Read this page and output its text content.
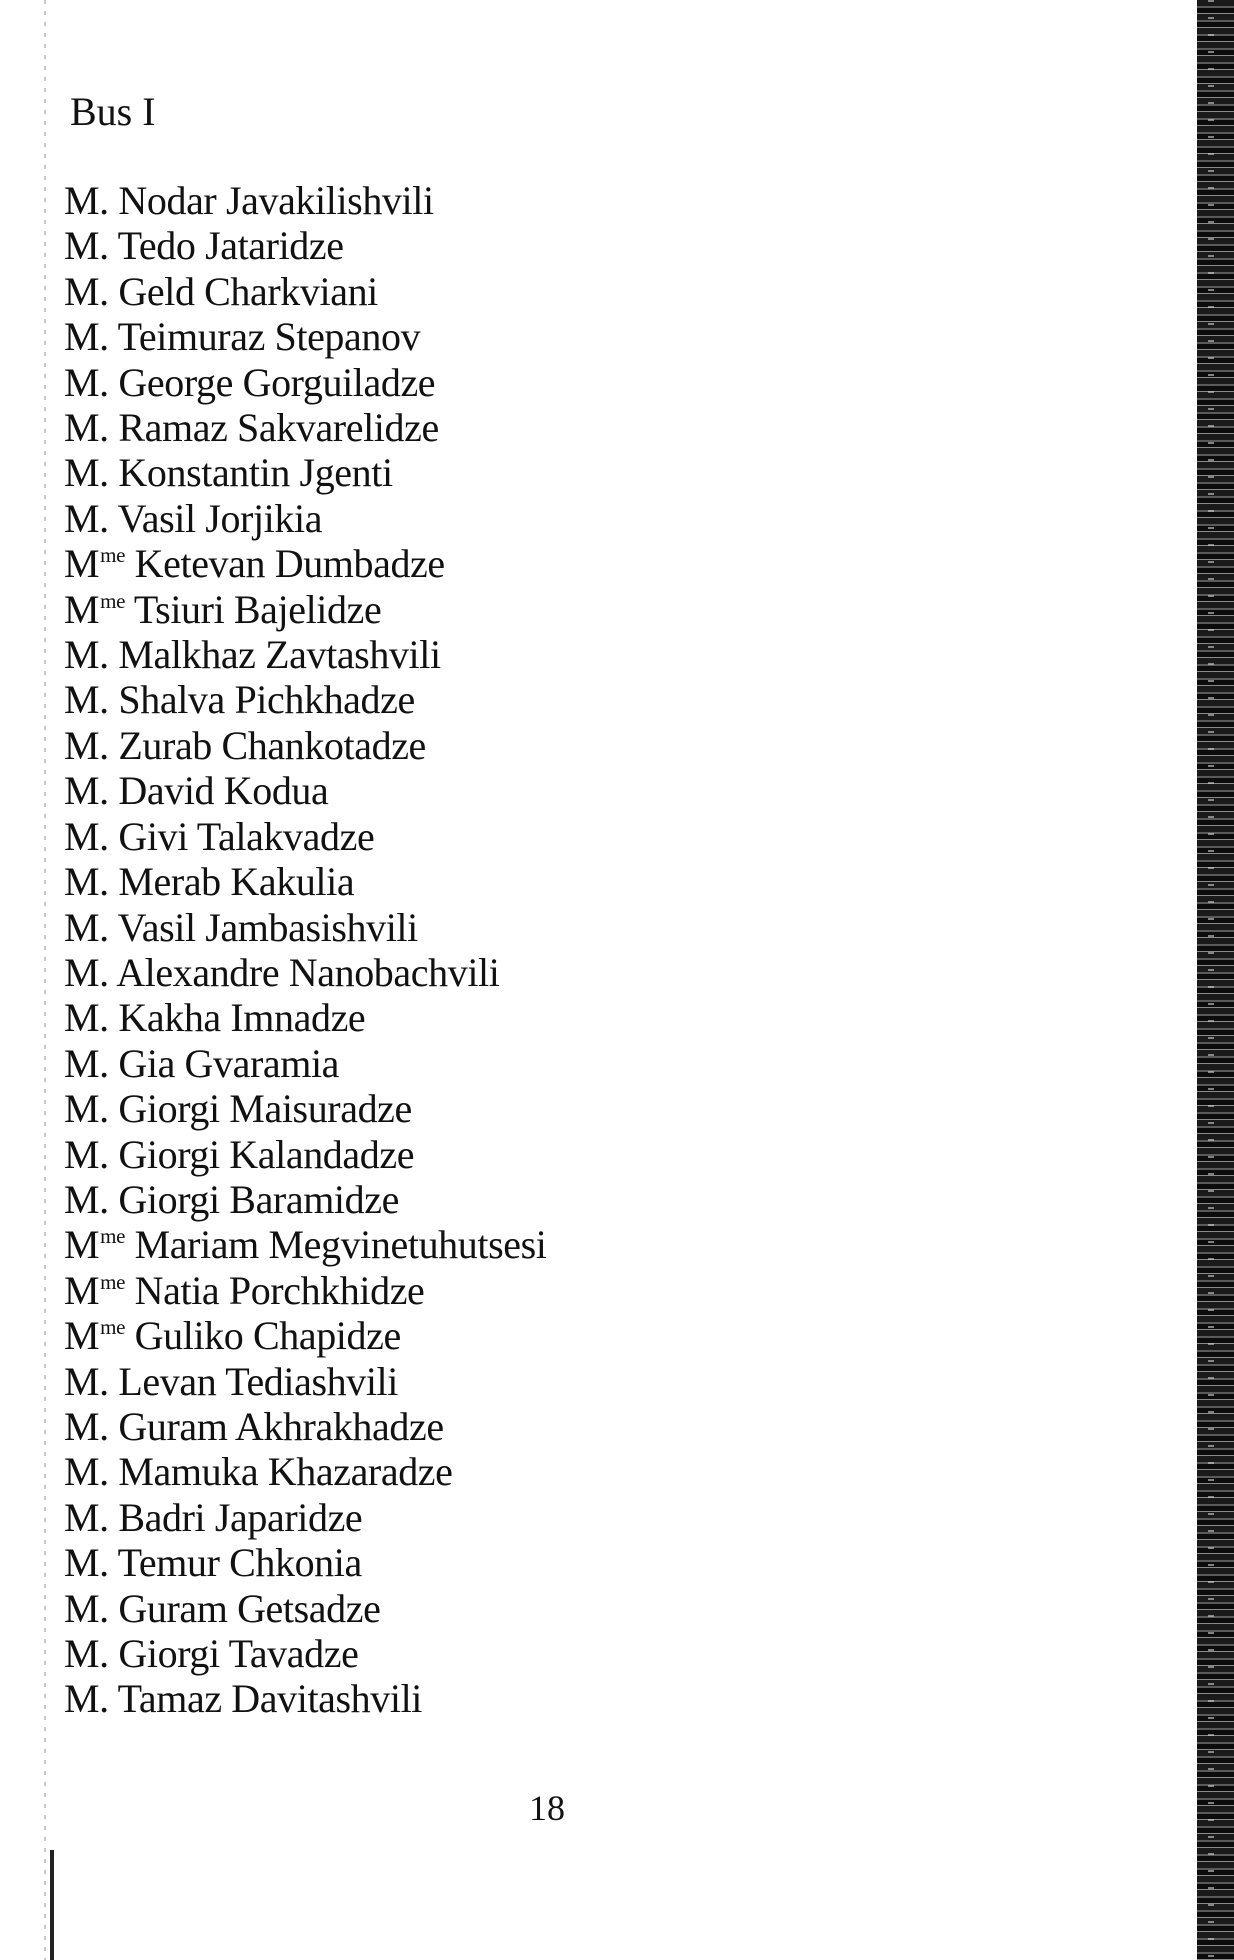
Bus I
M. Nodar Javakilishvili
M. Tedo Jataridze
M. Geld Charkviani
M. Teimuraz Stepanov
M. George Gorguiladze
M. Ramaz Sakvarelidze
M. Konstantin Jgenti
M. Vasil Jorjikia
$M^{me}$ Ketevan Dumbadze
$M^{me}$ Tsiuri Bajelidze
M. Malkhaz Zavtashvili
M. Shalva Pichkhadze
M. Zurab Chankotadze
M. David Kodua
M. Givi Talakvadze
M. Merab Kakulia
M. Vasil Jambasishvili
M. Alexandre Nanobachvili
M. Kakha Imnadze
M. Gia Gvaramia
M. Giorgi Maisuradze
M. Giorgi Kalandadze
M. Giorgi Baramidze
$M^{me}$ Mariam Megvinetuhutsesi
$M^{me}$ Natia Porchkhidze
$M^{me}$ Guliko Chapidze
M. Levan Tediashvili
M. Guram Akhrakhadze
M. Mamuka Khazaradze
M. Badri Japaridze
M. Temur Chkonia
M. Guram Getsadze
M. Giorgi Tavadze
M. Tamaz Davitashvili
18
